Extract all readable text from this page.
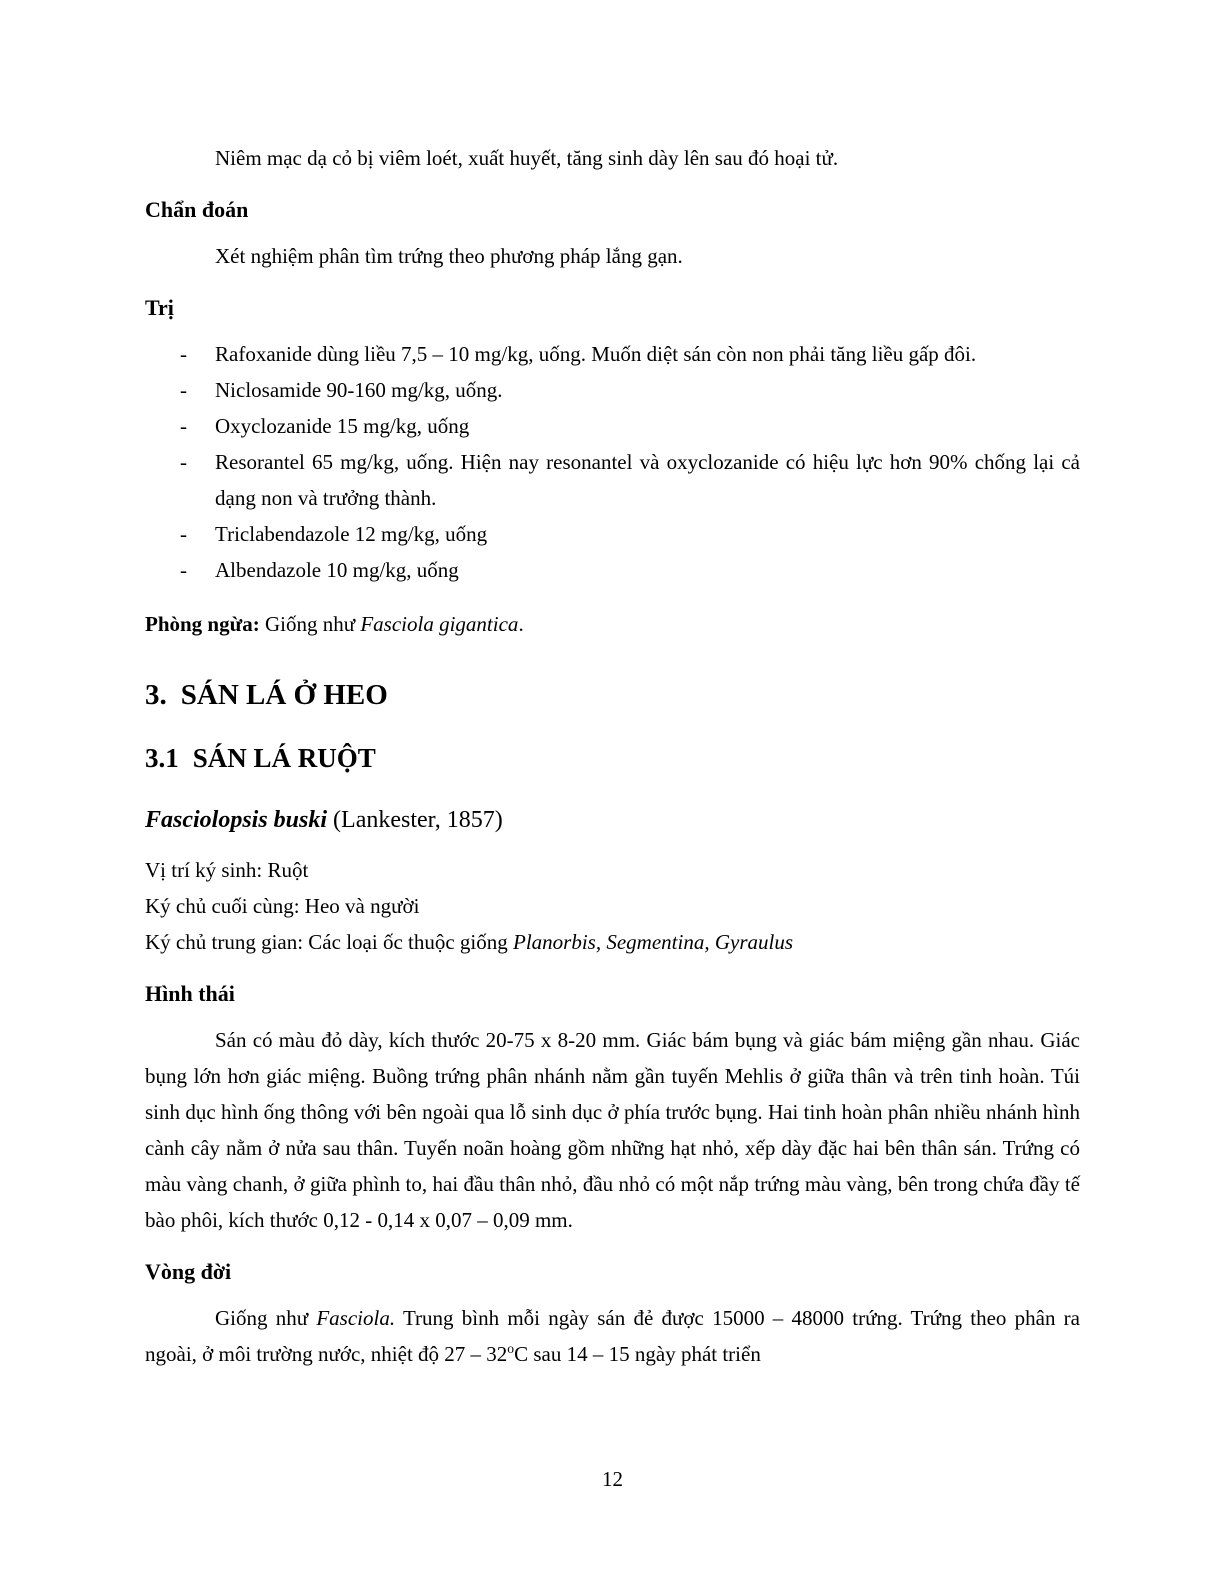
Niêm mạc dạ cỏ bị viêm loét, xuất huyết, tăng sinh dày lên sau đó hoại tử.

Chẩn đoán

Xét nghiệm phân tìm trứng theo phương pháp lắng gạn.

Trị

-	Rafoxanide dùng liều 7,5 – 10 mg/kg, uống. Muốn diệt sán còn non phải tăng liều gấp đôi.
-	Niclosamide 90-160 mg/kg, uống.
-	Oxyclozanide 15 mg/kg, uống
-	Resorantel 65 mg/kg, uống. Hiện nay resonantel và oxyclozanide có hiệu lực hơn 90% chống lại cả dạng non và trưởng thành.
-	Triclabendazole 12 mg/kg, uống
-	Albendazole 10 mg/kg, uống

Phòng ngừa: Giống như Fasciola gigantica.

3. SÁN LÁ Ở HEO
3.1 SÁN LÁ RUỘT

Fasciolopsis buski (Lankester, 1857)

Vị trí ký sinh: Ruột

Ký chủ cuối cùng: Heo và người

Ký chủ trung gian: Các loại ốc thuộc giống Planorbis, Segmentina, Gyraulus

Hình thái

Sán có màu đỏ dày, kích thước 20-75 x 8-20 mm. Giác bám bụng và giác bám miệng gần nhau. Giác bụng lớn hơn giác miệng. Buồng trứng phân nhánh nằm gần tuyến Mehlis ở giữa thân và trên tinh hoàn. Túi sinh dục hình ống thông với bên ngoài qua lỗ sinh dục ở phía trước bụng. Hai tinh hoàn phân nhiều nhánh hình cành cây nằm ở nửa sau thân. Tuyến noãn hoàng gồm những hạt nhỏ, xếp dày đặc hai bên thân sán. Trứng có màu vàng chanh, ở giữa phình to, hai đầu thân nhỏ, đầu nhỏ có một nắp trứng màu vàng, bên trong chứa đầy tế bào phôi, kích thước 0,12 - 0,14 x 0,07 – 0,09 mm.

Vòng đời

Giống như Fasciola. Trung bình mỗi ngày sán đẻ được 15000 – 48000 trứng. Trứng theo phân ra ngoài, ở môi trường nước, nhiệt độ 27 – 32$^o$C sau 14 – 15 ngày phát triển

12
